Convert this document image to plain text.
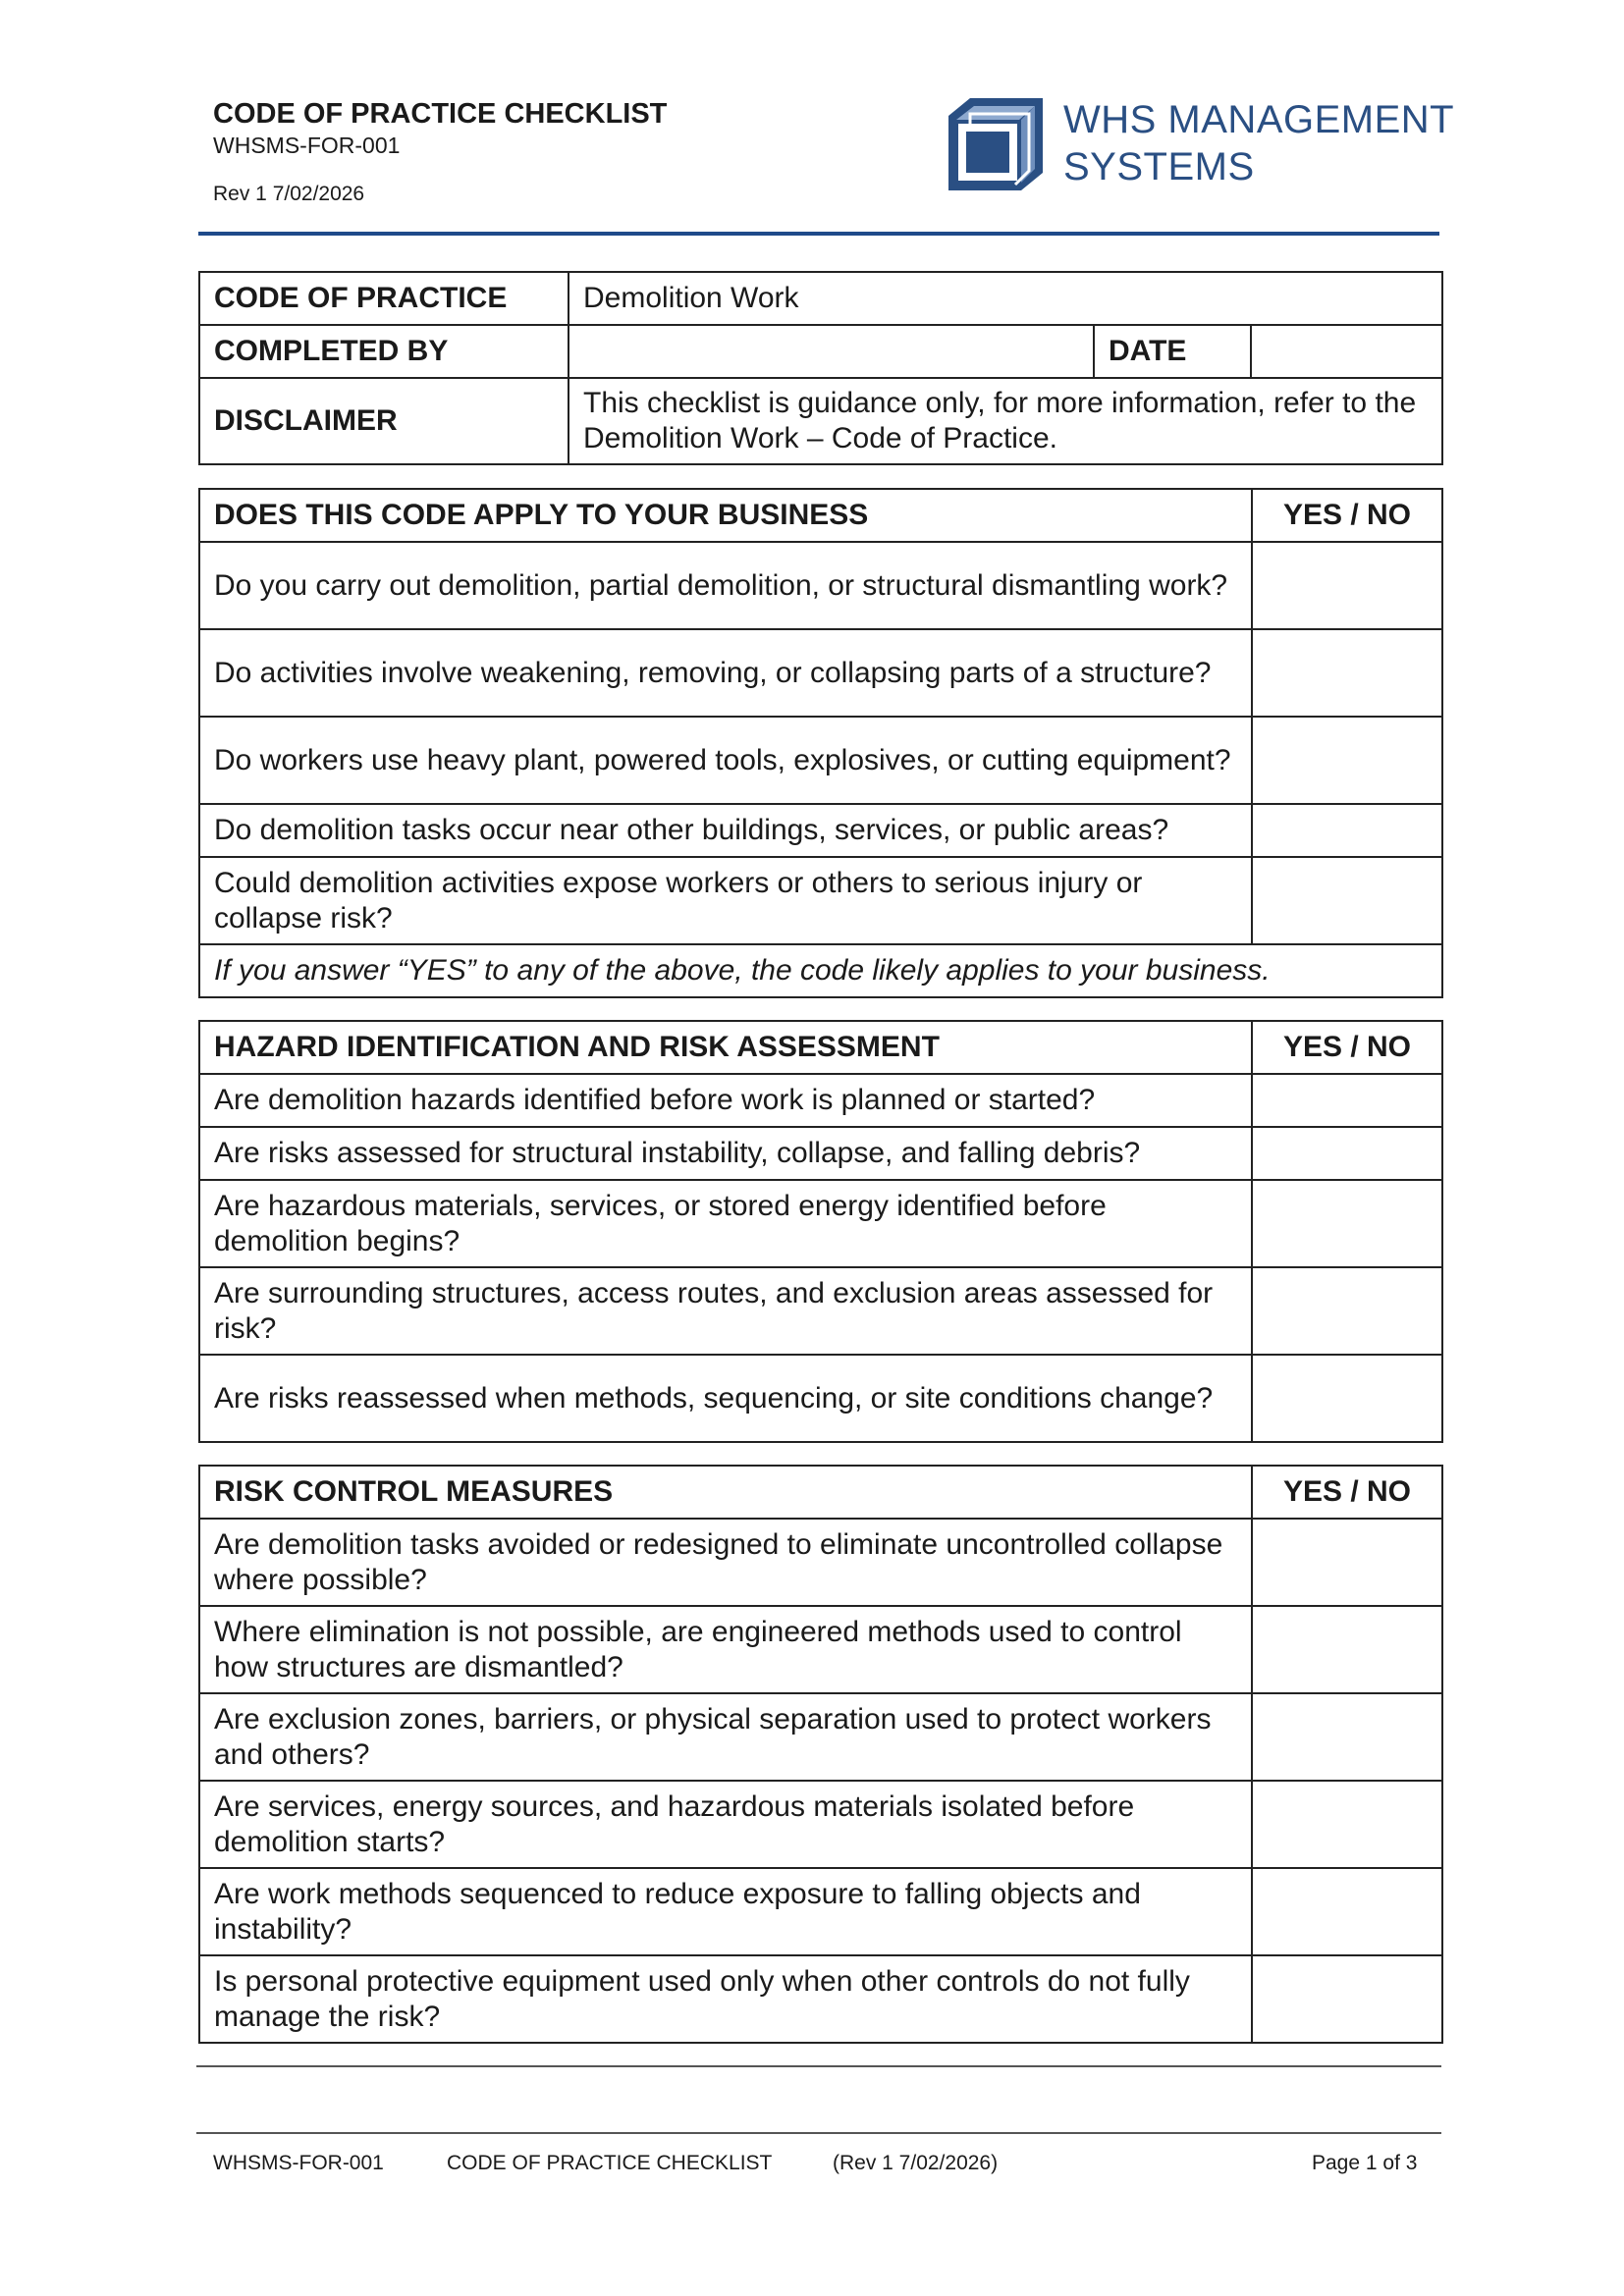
CODE OF PRACTICE CHECKLIST
WHSMS-FOR-001
Rev 1 7/02/2026
WHS MANAGEMENT
SYSTEMS
CODE OF PRACTICE	Demolition Work		
COMPLETED BY		DATE	
DISCLAIMER	This checklist is guidance only, for more information, refer to the Demolition Work – Code of Practice.		
DOES THIS CODE APPLY TO YOUR BUSINESS	YES / NO
Do you carry out demolition, partial demolition, or structural dismantling work?	
Do activities involve weakening, removing, or collapsing parts of a structure?	
Do workers use heavy plant, powered tools, explosives, or cutting equipment?	
Do demolition tasks occur near other buildings, services, or public areas?	
Could demolition activities expose workers or others to serious injury or collapse risk?	
If you answer “YES” to any of the above, the code likely applies to your business.	
HAZARD IDENTIFICATION AND RISK ASSESSMENT	YES / NO
Are demolition hazards identified before work is planned or started?	
Are risks assessed for structural instability, collapse, and falling debris?	
Are hazardous materials, services, or stored energy identified before demolition begins?	
Are surrounding structures, access routes, and exclusion areas assessed for risk?	
Are risks reassessed when methods, sequencing, or site conditions change?	
RISK CONTROL MEASURES	YES / NO
Are demolition tasks avoided or redesigned to eliminate uncontrolled collapse where possible?	
Where elimination is not possible, are engineered methods used to control how structures are dismantled?	
Are exclusion zones, barriers, or physical separation used to protect workers and others?	
Are services, energy sources, and hazardous materials isolated before demolition starts?	
Are work methods sequenced to reduce exposure to falling objects and instability?	
Is personal protective equipment used only when other controls do not fully manage the risk?	
WHSMS-FOR-001	CODE OF PRACTICE CHECKLIST	(Rev 1 7/02/2026)	Page 1 of 3
